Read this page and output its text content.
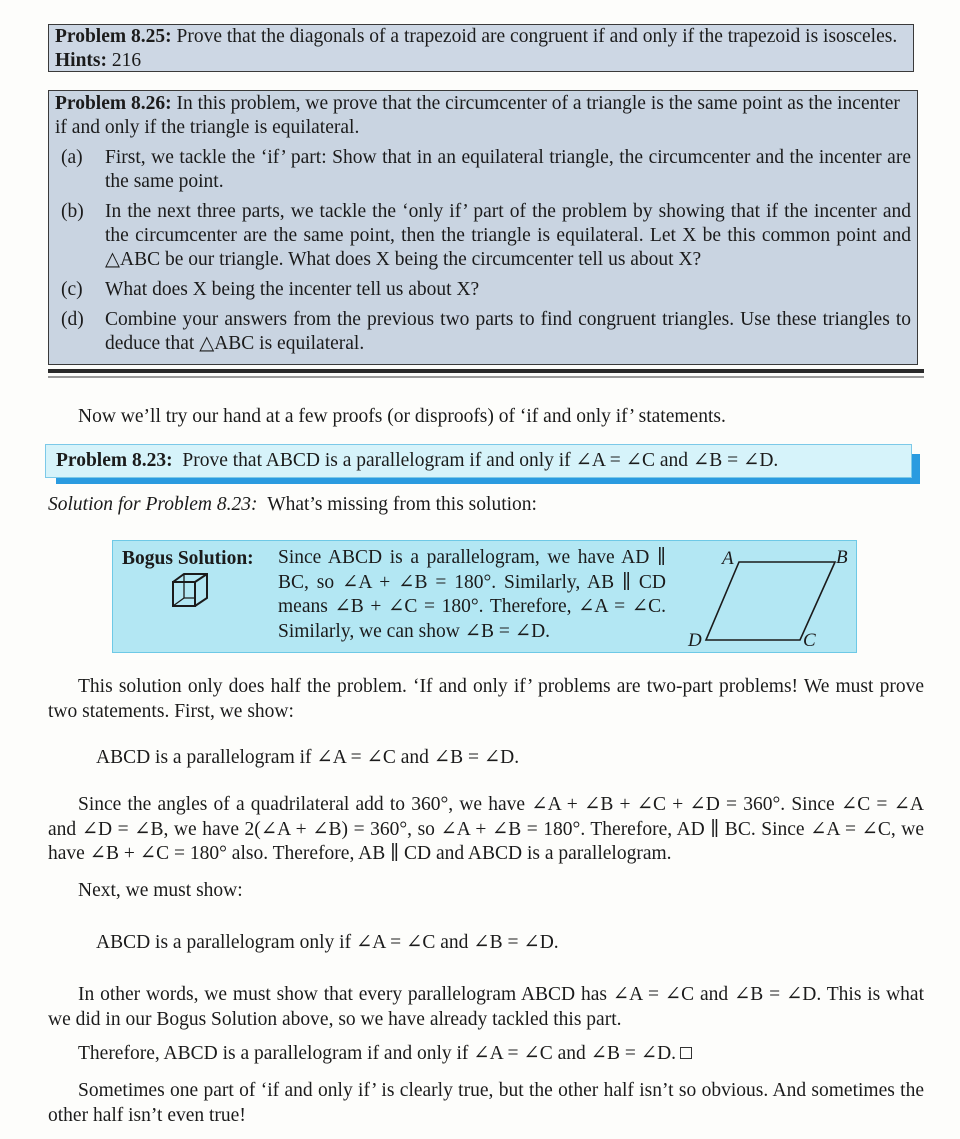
Problem 8.25: Prove that the diagonals of a trapezoid are congruent if and only if the trapezoid is isosceles. Hints: 216
Problem 8.26: In this problem, we prove that the circumcenter of a triangle is the same point as the incenter if and only if the triangle is equilateral.
(a)	First, we tackle the ‘if’ part: Show that in an equilateral triangle, the circumcenter and the incenter are the same point.
(b)	In the next three parts, we tackle the ‘only if’ part of the problem by showing that if the incenter and the circumcenter are the same point, then the triangle is equilateral. Let X be this common point and △ABC be our triangle. What does X being the circumcenter tell us about X?
(c)	What does X being the incenter tell us about X?
(d)	Combine your answers from the previous two parts to find congruent triangles. Use these triangles to deduce that △ABC is equilateral.
Now we’ll try our hand at a few proofs (or disproofs) of ‘if and only if’ statements.
Problem 8.23: Prove that ABCD is a parallelogram if and only if ∠A = ∠C and ∠B = ∠D.
Solution for Problem 8.23: What’s missing from this solution:
Bogus Solution: Since ABCD is a parallelogram, we have AD ∥ BC, so ∠A + ∠B = 180°. Similarly, AB ∥ CD means ∠B + ∠C = 180°. Therefore, ∠A = ∠C. Similarly, we can show ∠B = ∠D.
A	B
C
D
This solution only does half the problem. ‘If and only if’ problems are two-part problems! We must prove two statements. First, we show:
ABCD is a parallelogram if ∠A = ∠C and ∠B = ∠D.
Since the angles of a quadrilateral add to 360°, we have ∠A + ∠B + ∠C + ∠D = 360°. Since ∠C = ∠A and ∠D = ∠B, we have 2(∠A + ∠B) = 360°, so ∠A + ∠B = 180°. Therefore, AD ∥ BC. Since ∠A = ∠C, we have ∠B + ∠C = 180° also. Therefore, AB ∥ CD and ABCD is a parallelogram.
Next, we must show:
ABCD is a parallelogram only if ∠A = ∠C and ∠B = ∠D.
In other words, we must show that every parallelogram ABCD has ∠A = ∠C and ∠B = ∠D. This is what we did in our Bogus Solution above, so we have already tackled this part.
Therefore, ABCD is a parallelogram if and only if ∠A = ∠C and ∠B = ∠D.
Sometimes one part of ‘if and only if’ is clearly true, but the other half isn’t so obvious. And sometimes the other half isn’t even true!
